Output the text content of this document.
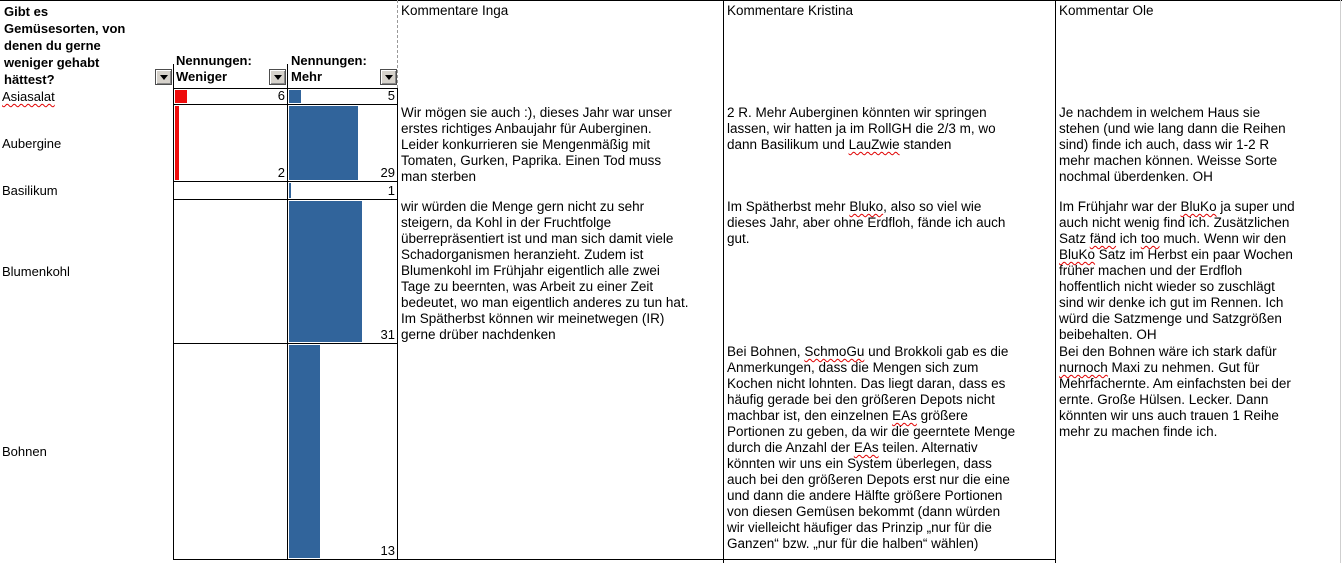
Gibt es
Gemüsesorten, von
denen du gerne
weniger gehabt
hättest?
Nennungen:
Weniger
Nennungen:
Mehr
Asiasalat
Aubergine
Basilikum
Blumenkohl
Bohnen
6
2
5
29
1
31
13
Kommentare Inga
Wir mögen sie auch :), dieses Jahr war unser
erstes richtiges Anbaujahr für Auberginen.
Leider konkurrieren sie Mengenmäßig mit
Tomaten, Gurken, Paprika. Einen Tod muss
man sterben
wir würden die Menge gern nicht zu sehr
steigern, da Kohl in der Fruchtfolge
überrepräsentiert ist und man sich damit viele
Schadorganismen heranzieht. Zudem ist
Blumenkohl im Frühjahr eigentlich alle zwei
Tage zu beernten, was Arbeit zu einer Zeit
bedeutet, wo man eigentlich anderes zu tun hat.
Im Spätherbst können wir meinetwegen (IR)
gerne drüber nachdenken
Kommentare Kristina
2 R. Mehr Auberginen könnten wir springen
lassen, wir hatten ja im RollGH die 2/3 m, wo
dann Basilikum und LauZwie standen
Im Spätherbst mehr Bluko, also so viel wie
dieses Jahr, aber ohne Erdfloh, fände ich auch
gut.
Bei Bohnen, SchmoGu und Brokkoli gab es die
Anmerkungen, dass die Mengen sich zum
Kochen nicht lohnten. Das liegt daran, dass es
häufig gerade bei den größeren Depots nicht
machbar ist, den einzelnen EAs größere
Portionen zu geben, da wir die geerntete Menge
durch die Anzahl der EAs teilen. Alternativ
könnten wir uns ein System überlegen, dass
auch bei den größeren Depots erst nur die eine
und dann die andere Hälfte größere Portionen
von diesen Gemüsen bekommt (dann würden
wir vielleicht häufiger das Prinzip „nur für die
Ganzen“ bzw. „nur für die halben“ wählen)
Kommentar Ole
Je nachdem in welchem Haus sie
stehen (und wie lang dann die Reihen
sind) finde ich auch, dass wir 1-2 R
mehr machen können. Weisse Sorte
nochmal überdenken. OH
Im Frühjahr war der BluKo ja super und
auch nicht wenig find ich. Zusätzlichen
Satz fänd ich too much. Wenn wir den
BluKo Satz im Herbst ein paar Wochen
früher machen und der Erdfloh
hoffentlich nicht wieder so zuschlägt
sind wir denke ich gut im Rennen. Ich
würd die Satzmenge und Satzgrößen
beibehalten. OH
Bei den Bohnen wäre ich stark dafür
nurnoch Maxi zu nehmen. Gut für
Mehrfachernte. Am einfachsten bei der
ernte. Große Hülsen. Lecker. Dann
könnten wir uns auch trauen 1 Reihe
mehr zu machen finde ich.
